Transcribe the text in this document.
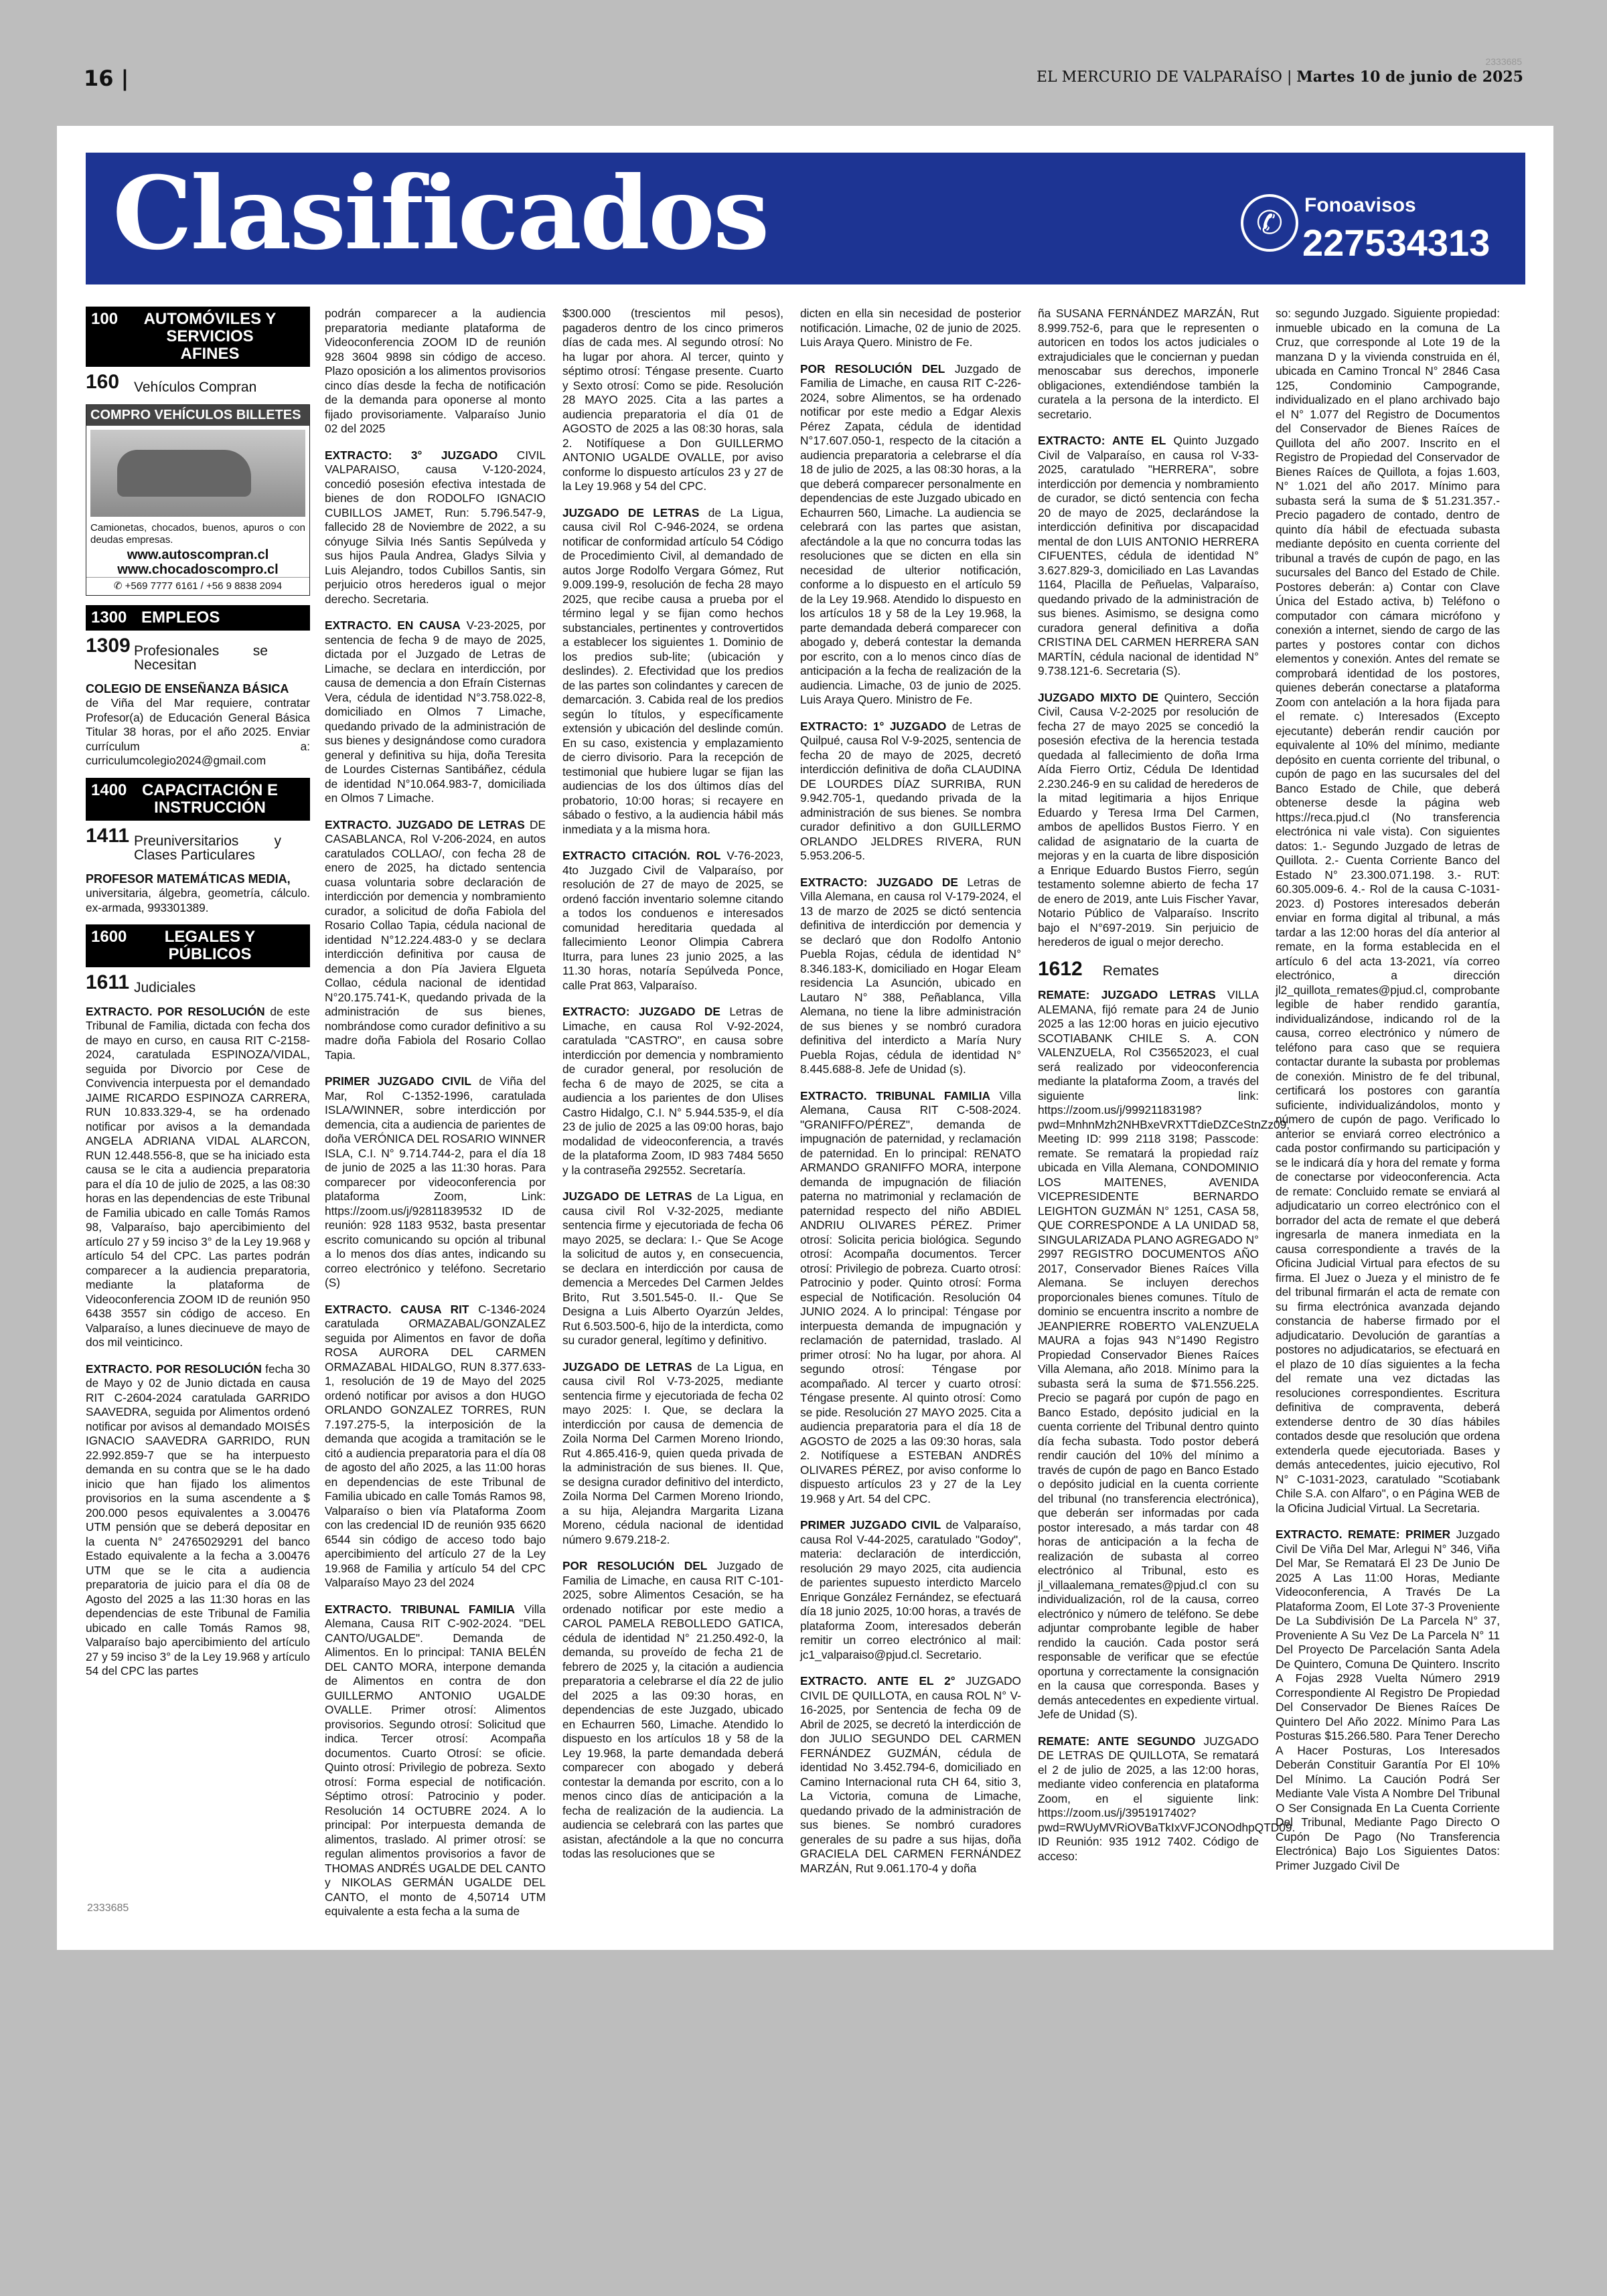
16 |
2333685
EL MERCURIO DE VALPARAÍSO | Martes 10 de junio de 2025
Clasificados	✆	Fonoavisos
227534313
100 AUTOMÓVILES Y SERVICIOS AFINES
160 Vehículos Compran
COMPRO VEHÍCULOS BILLETES
Camionetas, chocados, buenos, apuros o con deudas empresas.
www.autoscompran.cl
www.chocadoscompro.cl
✆ +569 7777 6161 / +56 9 8838 2094
1300 EMPLEOS
1309 Profesionales se Necesitan
COLEGIO DE ENSEÑANZA BÁSICA
de Viña del Mar requiere, contratar Profesor(a) de Educación General Básica Titular 38 horas, por el año 2025. Enviar currículum a: curriculumcolegio2024@gmail.com
1400 CAPACITACIÓN E INSTRUCCIÓN
1411 Preuniversitarios y Clases Particulares
PROFESOR MATEMÁTICAS MEDIA,
universitaria, álgebra, geometría, cálculo. ex-armada, 993301389.
1600 LEGALES Y PÚBLICOS
1611 Judiciales

EXTRACTO. POR RESOLUCIÓN de este Tribunal de Familia, dictada con fecha dos de mayo en curso, en causa RIT C-2158-2024, caratulada ESPINOZA/VIDAL, seguida por Divorcio por Cese de Convivencia interpuesta por el demandado JAIME RICARDO ESPINOZA CARRERA, RUN 10.833.329-4, se ha ordenado notificar por avisos a la demandada ANGELA ADRIANA VIDAL ALARCON, RUN 12.448.556-8, que se ha iniciado esta causa se le cita a audiencia preparatoria para el día 10 de julio de 2025, a las 08:30 horas en las dependencias de este Tribunal de Familia ubicado en calle Tomás Ramos 98, Valparaíso, bajo apercibimiento del artículo 27 y 59 inciso 3° de la Ley 19.968 y artículo 54 del CPC. Las partes podrán comparecer a la audiencia preparatoria, mediante la plataforma de Videoconferencia ZOOM ID de reunión 950 6438 3557 sin código de acceso. En Valparaíso, a lunes diecinueve de mayo de dos mil veinticinco.

EXTRACTO. POR RESOLUCIÓN fecha 30 de Mayo y 02 de Junio dictada en causa RIT C-2604-2024 caratulada GARRIDO SAAVEDRA, seguida por Alimentos ordenó notificar por avisos al demandado MOISÉS IGNACIO SAAVEDRA GARRIDO, RUN 22.992.859-7 que se ha interpuesto demanda en su contra que se le ha dado inicio que han fijado los alimentos provisorios en la suma ascendente a $ 200.000 pesos equivalentes a 3.00476 UTM pensión que se deberá depositar en la cuenta N° 24765029291 del banco Estado equivalente a la fecha a 3.00476 UTM que se le cita a audiencia preparatoria de juicio para el día 08 de Agosto del 2025 a las 11:30 horas en las dependencias de este Tribunal de Familia ubicado en calle Tomás Ramos 98, Valparaíso bajo apercibimiento del artículo 27 y 59 inciso 3° de la Ley 19.968 y artículo 54 del CPC las partes

podrán comparecer a la audiencia preparatoria mediante plataforma de Videoconferencia ZOOM ID de reunión 928 3604 9898 sin código de acceso. Plazo oposición a los alimentos provisorios cinco días desde la fecha de notificación de la demanda para oponerse al monto fijado provisoriamente. Valparaíso Junio 02 del 2025

EXTRACTO: 3° JUZGADO CIVIL VALPARAISO, causa V-120-2024, concedió posesión efectiva intestada de bienes de don RODOLFO IGNACIO CUBILLOS JAMET, Run: 5.796.547-9, fallecido 28 de Noviembre de 2022, a su cónyuge Silvia Inés Santis Sepúlveda y sus hijos Paula Andrea, Gladys Silvia y Luis Alejandro, todos Cubillos Santis, sin perjuicio otros herederos igual o mejor derecho. Secretaria.

EXTRACTO. EN CAUSA V-23-2025, por sentencia de fecha 9 de mayo de 2025, dictada por el Juzgado de Letras de Limache, se declara en interdicción, por causa de demencia a don Efraín Cisternas Vera, cédula de identidad N°3.758.022-8, domiciliado en Olmos 7 Limache, quedando privado de la administración de sus bienes y designándose como curadora general y definitiva su hija, doña Teresita de Lourdes Cisternas Santibáñez, cédula de identidad N°10.064.983-7, domiciliada en Olmos 7 Limache.

EXTRACTO. JUZGADO DE LETRAS DE CASABLANCA, Rol V-206-2024, en autos caratulados COLLAO/, con fecha 28 de enero de 2025, ha dictado sentencia cuasa voluntaria sobre declaración de interdicción por demencia y nombramiento curador, a solicitud de doña Fabiola del Rosario Collao Tapia, cédula nacional de identidad N°12.224.483-0 y se declara interdicción definitiva por causa de demencia a don Pía Javiera Elgueta Collao, cédula nacional de identidad N°20.175.741-K, quedando privada de la administración de sus bienes, nombrándose como curador definitivo a su madre doña Fabiola del Rosario Collao Tapia.

PRIMER JUZGADO CIVIL de Viña del Mar, Rol C-1352-1996, caratulada ISLA/WINNER, sobre interdicción por demencia, cita a audiencia de parientes de doña VERÓNICA DEL ROSARIO WINNER ISLA, C.I. N° 9.714.744-2, para el día 18 de junio de 2025 a las 11:30 horas. Para comparecer por videoconferencia por plataforma Zoom, Link: https://zoom.us/j/92811839532 ID de reunión: 928 1183 9532, basta presentar escrito comunicando su opción al tribunal a lo menos dos días antes, indicando su correo electrónico y teléfono. Secretario (S)

EXTRACTO. CAUSA RIT C-1346-2024 caratulada ORMAZABAL/GONZALEZ seguida por Alimentos en favor de doña ROSA AURORA DEL CARMEN ORMAZABAL HIDALGO, RUN 8.377.633-1, resolución de 19 de Mayo del 2025 ordenó notificar por avisos a don HUGO ORLANDO GONZALEZ TORRES, RUN 7.197.275-5, la interposición de la demanda que acogida a tramitación se le citó a audiencia preparatoria para el día 08 de agosto del año 2025, a las 11:00 horas en dependencias de este Tribunal de Familia ubicado en calle Tomás Ramos 98, Valparaíso o bien vía Plataforma Zoom con las credencial ID de reunión 935 6620 6544 sin código de acceso todo bajo apercibimiento del artículo 27 de la Ley 19.968 de Familia y artículo 54 del CPC Valparaíso Mayo 23 del 2024

EXTRACTO. TRIBUNAL FAMILIA Villa Alemana, Causa RIT C-902-2024. "DEL CANTO/UGALDE". Demanda de Alimentos. En lo principal: TANIA BELÉN DEL CANTO MORA, interpone demanda de Alimentos en contra de don GUILLERMO ANTONIO UGALDE OVALLE. Primer otrosí: Alimentos provisorios. Segundo otrosí: Solicitud que indica. Tercer otrosí: Acompaña documentos. Cuarto Otrosí: se oficie. Quinto otrosí: Privilegio de pobreza. Sexto otrosí: Forma especial de notificación. Séptimo otrosí: Patrocinio y poder. Resolución 14 OCTUBRE 2024. A lo principal: Por interpuesta demanda de alimentos, traslado. Al primer otrosí: se regulan alimentos provisorios a favor de THOMAS ANDRÉS UGALDE DEL CANTO y NIKOLAS GERMÁN UGALDE DEL CANTO, el monto de 4,50714 UTM equivalente a esta fecha a la suma de

$300.000 (trescientos mil pesos), pagaderos dentro de los cinco primeros días de cada mes. Al segundo otrosí: No ha lugar por ahora. Al tercer, quinto y séptimo otrosí: Téngase presente. Cuarto y Sexto otrosí: Como se pide. Resolución 28 MAYO 2025. Cita a las partes a audiencia preparatoria el día 01 de AGOSTO de 2025 a las 08:30 horas, sala 2. Notifíquese a Don GUILLERMO ANTONIO UGALDE OVALLE, por aviso conforme lo dispuesto artículos 23 y 27 de la Ley 19.968 y 54 del CPC.

JUZGADO DE LETRAS de La Ligua, causa civil Rol C-946-2024, se ordena notificar de conformidad artículo 54 Código de Procedimiento Civil, al demandado de autos Jorge Rodolfo Vergara Gómez, Rut 9.009.199-9, resolución de fecha 28 mayo 2025, que recibe causa a prueba por el término legal y se fijan como hechos substanciales, pertinentes y controvertidos a establecer los siguientes 1. Dominio de los predios sub-lite; (ubicación y deslindes). 2. Efectividad que los predios de las partes son colindantes y carecen de demarcación. 3. Cabida real de los predios según lo títulos, y específicamente extensión y ubicación del deslinde común. En su caso, existencia y emplazamiento de cierro divisorio. Para la recepción de testimonial que hubiere lugar se fijan las audiencias de los dos últimos días del probatorio, 10:00 horas; si recayere en sábado o festivo, a la audiencia hábil más inmediata y a la misma hora.

EXTRACTO CITACIÓN. ROL V-76-2023, 4to Juzgado Civil de Valparaíso, por resolución de 27 de mayo de 2025, se ordenó facción inventario solemne citando a todos los conduenos e interesados comunidad hereditaria quedada al fallecimiento Leonor Olimpia Cabrera Iturra, para lunes 23 junio 2025, a las 11.30 horas, notaría Sepúlveda Ponce, calle Prat 863, Valparaíso.

EXTRACTO: JUZGADO DE Letras de Limache, en causa Rol V-92-2024, caratulada "CASTRO", en causa sobre interdicción por demencia y nombramiento de curador general, por resolución de fecha 6 de mayo de 2025, se cita a audiencia a los parientes de don Ulises Castro Hidalgo, C.I. N° 5.944.535-9, el día 23 de julio de 2025 a las 09:00 horas, bajo modalidad de videoconferencia, a través de la plataforma Zoom, ID 983 7484 5650 y la contraseña 292552. Secretaría.

JUZGADO DE LETRAS de La Ligua, en causa civil Rol V-32-2025, mediante sentencia firme y ejecutoriada de fecha 06 mayo 2025, se declara: I.- Que Se Acoge la solicitud de autos y, en consecuencia, se declara en interdicción por causa de demencia a Mercedes Del Carmen Jeldes Brito, Rut 3.501.545-0. II.- Que Se Designa a Luis Alberto Oyarzún Jeldes, Rut 6.503.500-6, hijo de la interdicta, como su curador general, legítimo y definitivo.

JUZGADO DE LETRAS de La Ligua, en causa civil Rol V-73-2025, mediante sentencia firme y ejecutoriada de fecha 02 mayo 2025: I. Que, se declara la interdicción por causa de demencia de Zoila Norma Del Carmen Moreno Iriondo, Rut 4.865.416-9, quien queda privada de la administración de sus bienes. II. Que, se designa curador definitivo del interdicto, Zoila Norma Del Carmen Moreno Iriondo, a su hija, Alejandra Margarita Lizana Moreno, cédula nacional de identidad número 9.679.218-2.

POR RESOLUCIÓN DEL Juzgado de Familia de Limache, en causa RIT C-101-2025, sobre Alimentos Cesación, se ha ordenado notificar por este medio a CAROL PAMELA REBOLLEDO GATICA, cédula de identidad N° 21.250.492-0, la demanda, su proveído de fecha 21 de febrero de 2025 y, la citación a audiencia preparatoria a celebrarse el día 22 de julio del 2025 a las 09:30 horas, en dependencias de este Juzgado, ubicado en Echaurren 560, Limache. Atendido lo dispuesto en los artículos 18 y 58 de la Ley 19.968, la parte demandada deberá comparecer con abogado y deberá contestar la demanda por escrito, con a lo menos cinco días de anticipación a la fecha de realización de la audiencia. La audiencia se celebrará con las partes que asistan, afectándole a la que no concurra todas las resoluciones que se

dicten en ella sin necesidad de posterior notificación. Limache, 02 de junio de 2025. Luis Araya Quero. Ministro de Fe.

POR RESOLUCIÓN DEL Juzgado de Familia de Limache, en causa RIT C-226-2024, sobre Alimentos, se ha ordenado notificar por este medio a Edgar Alexis Pérez Zapata, cédula de identidad N°17.607.050-1, respecto de la citación a audiencia preparatoria a celebrarse el día 18 de julio de 2025, a las 08:30 horas, a la que deberá comparecer personalmente en dependencias de este Juzgado ubicado en Echaurren 560, Limache. La audiencia se celebrará con las partes que asistan, afectándole a la que no concurra todas las resoluciones que se dicten en ella sin necesidad de ulterior notificación, conforme a lo dispuesto en el artículo 59 de la Ley 19.968. Atendido lo dispuesto en los artículos 18 y 58 de la Ley 19.968, la parte demandada deberá comparecer con abogado y, deberá contestar la demanda por escrito, con a lo menos cinco días de anticipación a la fecha de realización de la audiencia. Limache, 03 de junio de 2025. Luis Araya Quero. Ministro de Fe.

EXTRACTO: 1° JUZGADO de Letras de Quilpué, causa Rol V-9-2025, sentencia de fecha 20 de mayo de 2025, decretó interdicción definitiva de doña CLAUDINA DE LOURDES DÍAZ SURRIBA, RUN 9.942.705-1, quedando privada de la administración de sus bienes. Se nombra curador definitivo a don GUILLERMO ORLANDO JELDRES RIVERA, RUN 5.953.206-5.

EXTRACTO: JUZGADO DE Letras de Villa Alemana, en causa rol V-179-2024, el 13 de marzo de 2025 se dictó sentencia definitiva de interdicción por demencia y se declaró que don Rodolfo Antonio Puebla Rojas, cédula de identidad N° 8.346.183-K, domiciliado en Hogar Eleam residencia La Asunción, ubicado en Lautaro N° 388, Peñablanca, Villa Alemana, no tiene la libre administración de sus bienes y se nombró curadora definitiva del interdicto a María Nury Puebla Rojas, cédula de identidad N° 8.445.688-8. Jefe de Unidad (s).

EXTRACTO. TRIBUNAL FAMILIA Villa Alemana, Causa RIT C-508-2024. "GRANIFFO/PÉREZ", demanda de impugnación de paternidad, y reclamación de paternidad. En lo principal: RENATO ARMANDO GRANIFFO MORA, interpone demanda de impugnación de filiación paterna no matrimonial y reclamación de paternidad respecto del niño ABDIEL ANDRIU OLIVARES PÉREZ. Primer otrosí: Solicita pericia biológica. Segundo otrosí: Acompaña documentos. Tercer otrosí: Privilegio de pobreza. Cuarto otrosí: Patrocinio y poder. Quinto otrosí: Forma especial de Notificación. Resolución 04 JUNIO 2024. A lo principal: Téngase por interpuesta demanda de impugnación y reclamación de paternidad, traslado. Al primer otrosí: No ha lugar, por ahora. Al segundo otrosí: Téngase por acompañado. Al tercer y cuarto otrosí: Téngase presente. Al quinto otrosí: Como se pide. Resolución 27 MAYO 2025. Cita a audiencia preparatoria para el día 18 de AGOSTO de 2025 a las 09:30 horas, sala 2. Notifíquese a ESTEBAN ANDRÉS OLIVARES PÉREZ, por aviso conforme lo dispuesto artículos 23 y 27 de la Ley 19.968 y Art. 54 del CPC.

PRIMER JUZGADO CIVIL de Valparaíso, causa Rol V-44-2025, caratulado "Godoy", materia: declaración de interdicción, resolución 29 mayo 2025, cita audiencia de parientes supuesto interdicto Marcelo Enrique González Fernández, se efectuará día 18 junio 2025, 10:00 horas, a través de plataforma Zoom, interesados deberán remitir un correo electrónico al mail: jc1_valparaiso@pjud.cl. Secretario.

EXTRACTO. ANTE EL 2° JUZGADO CIVIL DE QUILLOTA, en causa ROL N° V-16-2025, por Sentencia de fecha 09 de Abril de 2025, se decretó la interdicción de don JULIO SEGUNDO DEL CARMEN FERNÁNDEZ GUZMÁN, cédula de identidad No 3.452.794-6, domiciliado en Camino Internacional ruta CH 64, sitio 3, La Victoria, comuna de Limache, quedando privado de la administración de sus bienes. Se nombró curadores generales de su padre a sus hijas, doña GRACIELA DEL CARMEN FERNÁNDEZ MARZÁN, Rut 9.061.170-4 y doña

ña SUSANA FERNÁNDEZ MARZÁN, Rut 8.999.752-6, para que le representen o autoricen en todos los actos judiciales o extrajudiciales que le conciernan y puedan menoscabar sus derechos, imponerle obligaciones, extendiéndose también la curatela a la persona de la interdicto. El secretario.

EXTRACTO: ANTE EL Quinto Juzgado Civil de Valparaíso, en causa rol V-33-2025, caratulado "HERRERA", sobre interdicción por demencia y nombramiento de curador, se dictó sentencia con fecha 20 de mayo de 2025, declarándose la interdicción definitiva por discapacidad mental de don LUIS ANTONIO HERRERA CIFUENTES, cédula de identidad N° 3.627.829-3, domiciliado en Las Lavandas 1164, Placilla de Peñuelas, Valparaíso, quedando privado de la administración de sus bienes. Asimismo, se designa como curadora general definitiva a doña CRISTINA DEL CARMEN HERRERA SAN MARTÍN, cédula nacional de identidad N° 9.738.121-6. Secretaria (S).

JUZGADO MIXTO DE Quintero, Sección Civil, Causa V-2-2025 por resolución de fecha 27 de mayo 2025 se concedió la posesión efectiva de la herencia testada quedada al fallecimiento de doña Irma Aída Fierro Ortiz, Cédula De Identidad 2.230.246-9 en su calidad de herederos de la mitad legitimaria a hijos Enrique Eduardo y Teresa Irma Del Carmen, ambos de apellidos Bustos Fierro. Y en calidad de asignatario de la cuarta de mejoras y en la cuarta de libre disposición a Enrique Eduardo Bustos Fierro, según testamento solemne abierto de fecha 17 de enero de 2019, ante Luis Fischer Yavar, Notario Público de Valparaíso. Inscrito bajo el N°697-2019. Sin perjuicio de herederos de igual o mejor derecho.

1612 Remates

REMATE: JUZGADO LETRAS VILLA ALEMANA, fijó remate para 24 de Junio 2025 a las 12:00 horas en juicio ejecutivo SCOTIABANK CHILE S. A. CON VALENZUELA, Rol C35652023, el cual será realizado por videoconferencia mediante la plataforma Zoom, a través del siguiente link: https://zoom.us/j/99921183198?pwd=MnhnMzh2NHBxeVRXTTdieDZCeStnZz09, Meeting ID: 999 2118 3198; Passcode: remate. Se rematará la propiedad raíz ubicada en Villa Alemana, CONDOMINIO LOS MAITENES, AVENIDA VICEPRESIDENTE BERNARDO LEIGHTON GUZMÁN N° 1251, CASA 58, QUE CORRESPONDE A LA UNIDAD 58, SINGULARIZADA PLANO AGREGADO N° 2997 REGISTRO DOCUMENTOS AÑO 2017, Conservador Bienes Raíces Villa Alemana. Se incluyen derechos proporcionales bienes comunes. Título de dominio se encuentra inscrito a nombre de JEANPIERRE ROBERTO VALENZUELA MAURA a fojas 943 N°1490 Registro Propiedad Conservador Bienes Raíces Villa Alemana, año 2018. Mínimo para la subasta será la suma de $71.556.225. Precio se pagará por cupón de pago en Banco Estado, depósito judicial en la cuenta corriente del Tribunal dentro quinto día fecha subasta. Todo postor deberá rendir caución del 10% del mínimo a través de cupón de pago en Banco Estado o depósito judicial en la cuenta corriente del tribunal (no transferencia electrónica), que deberán ser informadas por cada postor interesado, a más tardar con 48 horas de anticipación a la fecha de realización de subasta al correo electrónico al Tribunal, esto es jl_villaalemana_remates@pjud.cl con su individualización, rol de la causa, correo electrónico y número de teléfono. Se debe adjuntar comprobante legible de haber rendido la caución. Cada postor será responsable de verificar que se efectúe oportuna y correctamente la consignación en la causa que corresponda. Bases y demás antecedentes en expediente virtual. Jefe de Unidad (S).

REMATE: ANTE SEGUNDO JUZGADO DE LETRAS DE QUILLOTA, Se rematará el 2 de julio de 2025, a las 12:00 horas, mediante video conferencia en plataforma Zoom, en el siguiente link: https://zoom.us/j/3951917402?pwd=RWUyMVRiOVBaTkIxVFJCONOdhpQTD09. ID Reunión: 935 1912 7402. Código de acceso:

so: segundo Juzgado. Siguiente propiedad: inmueble ubicado en la comuna de La Cruz, que corresponde al Lote 19 de la manzana D y la vivienda construida en él, ubicada en Camino Troncal N° 2846 Casa 125, Condominio Campogrande, individualizado en el plano archivado bajo el N° 1.077 del Registro de Documentos del Conservador de Bienes Raíces de Quillota del año 2007. Inscrito en el Registro de Propiedad del Conservador de Bienes Raíces de Quillota, a fojas 1.603, N° 1.021 del año 2017. Mínimo para subasta será la suma de $ 51.231.357.- Precio pagadero de contado, dentro de quinto día hábil de efectuada subasta mediante depósito en cuenta corriente del tribunal a través de cupón de pago, en las sucursales del Banco del Estado de Chile. Postores deberán: a) Contar con Clave Única del Estado activa, b) Teléfono o computador con cámara micrófono y conexión a internet, siendo de cargo de las partes y postores contar con dichos elementos y conexión. Antes del remate se comprobará identidad de los postores, quienes deberán conectarse a plataforma Zoom con antelación a la hora fijada para el remate. c) Interesados (Excepto ejecutante) deberán rendir caución por equivalente al 10% del mínimo, mediante depósito en cuenta corriente del tribunal, o cupón de pago en las sucursales del del Banco Estado de Chile, que deberá obtenerse desde la página web https://reca.pjud.cl (No transferencia electrónica ni vale vista). Con siguientes datos: 1.- Segundo Juzgado de letras de Quillota. 2.- Cuenta Corriente Banco del Estado N° 23.300.071.198. 3.- RUT: 60.305.009-6. 4.- Rol de la causa C-1031-2023. d) Postores interesados deberán enviar en forma digital al tribunal, a más tardar a las 12:00 horas del día anterior al remate, en la forma establecida en el artículo 6 del acta 13-2021, vía correo electrónico, a dirección jl2_quillota_remates@pjud.cl, comprobante legible de haber rendido garantía, individualizándose, indicando rol de la causa, correo electrónico y número de teléfono para caso que se requiera contactar durante la subasta por problemas de conexión. Ministro de fe del tribunal, certificará los postores con garantía suficiente, individualizándolos, monto y número de cupón de pago. Verificado lo anterior se enviará correo electrónico a cada postor confirmando su participación y se le indicará día y hora del remate y forma de conectarse por videoconferencia. Acta de remate: Concluido remate se enviará al adjudicatario un correo electrónico con el borrador del acta de remate el que deberá ingresarla de manera inmediata en la causa correspondiente a través de la Oficina Judicial Virtual para efectos de su firma. El Juez o Jueza y el ministro de fe del tribunal firmarán el acta de remate con su firma electrónica avanzada dejando constancia de haberse firmado por el adjudicatario. Devolución de garantías a postores no adjudicatarios, se efectuará en el plazo de 10 días siguientes a la fecha del remate una vez dictadas las resoluciones correspondientes. Escritura definitiva de compraventa, deberá extenderse dentro de 30 días hábiles contados desde que resolución que ordena extenderla quede ejecutoriada. Bases y demás antecedentes, juicio ejecutivo, Rol N° C-1031-2023, caratulado "Scotiabank Chile S.A. con Alfaro", o en Página WEB de la Oficina Judicial Virtual. La Secretaria.

EXTRACTO. REMATE: PRIMER Juzgado Civil De Viña Del Mar, Arlegui N° 346, Viña Del Mar, Se Rematará El 23 De Junio De 2025 A Las 11:00 Horas, Mediante Videoconferencia, A Través De La Plataforma Zoom, El Lote 37-3 Proveniente De La Subdivisión De La Parcela N° 37, Proveniente A Su Vez De La Parcela N° 11 Del Proyecto De Parcelación Santa Adela De Quintero, Comuna De Quintero. Inscrito A Fojas 2928 Vuelta Número 2919 Correspondiente Al Registro De Propiedad Del Conservador De Bienes Raíces De Quintero Del Año 2022. Mínimo Para Las Posturas $15.266.580. Para Tener Derecho A Hacer Posturas, Los Interesados Deberán Constituir Garantía Por El 10% Del Mínimo. La Caución Podrá Ser Mediante Vale Vista A Nombre Del Tribunal O Ser Consignada En La Cuenta Corriente Del Tribunal, Mediante Pago Directo O Cupón De Pago (No Transferencia Electrónica) Bajo Los Siguientes Datos: Primer Juzgado Civil De

2333685
